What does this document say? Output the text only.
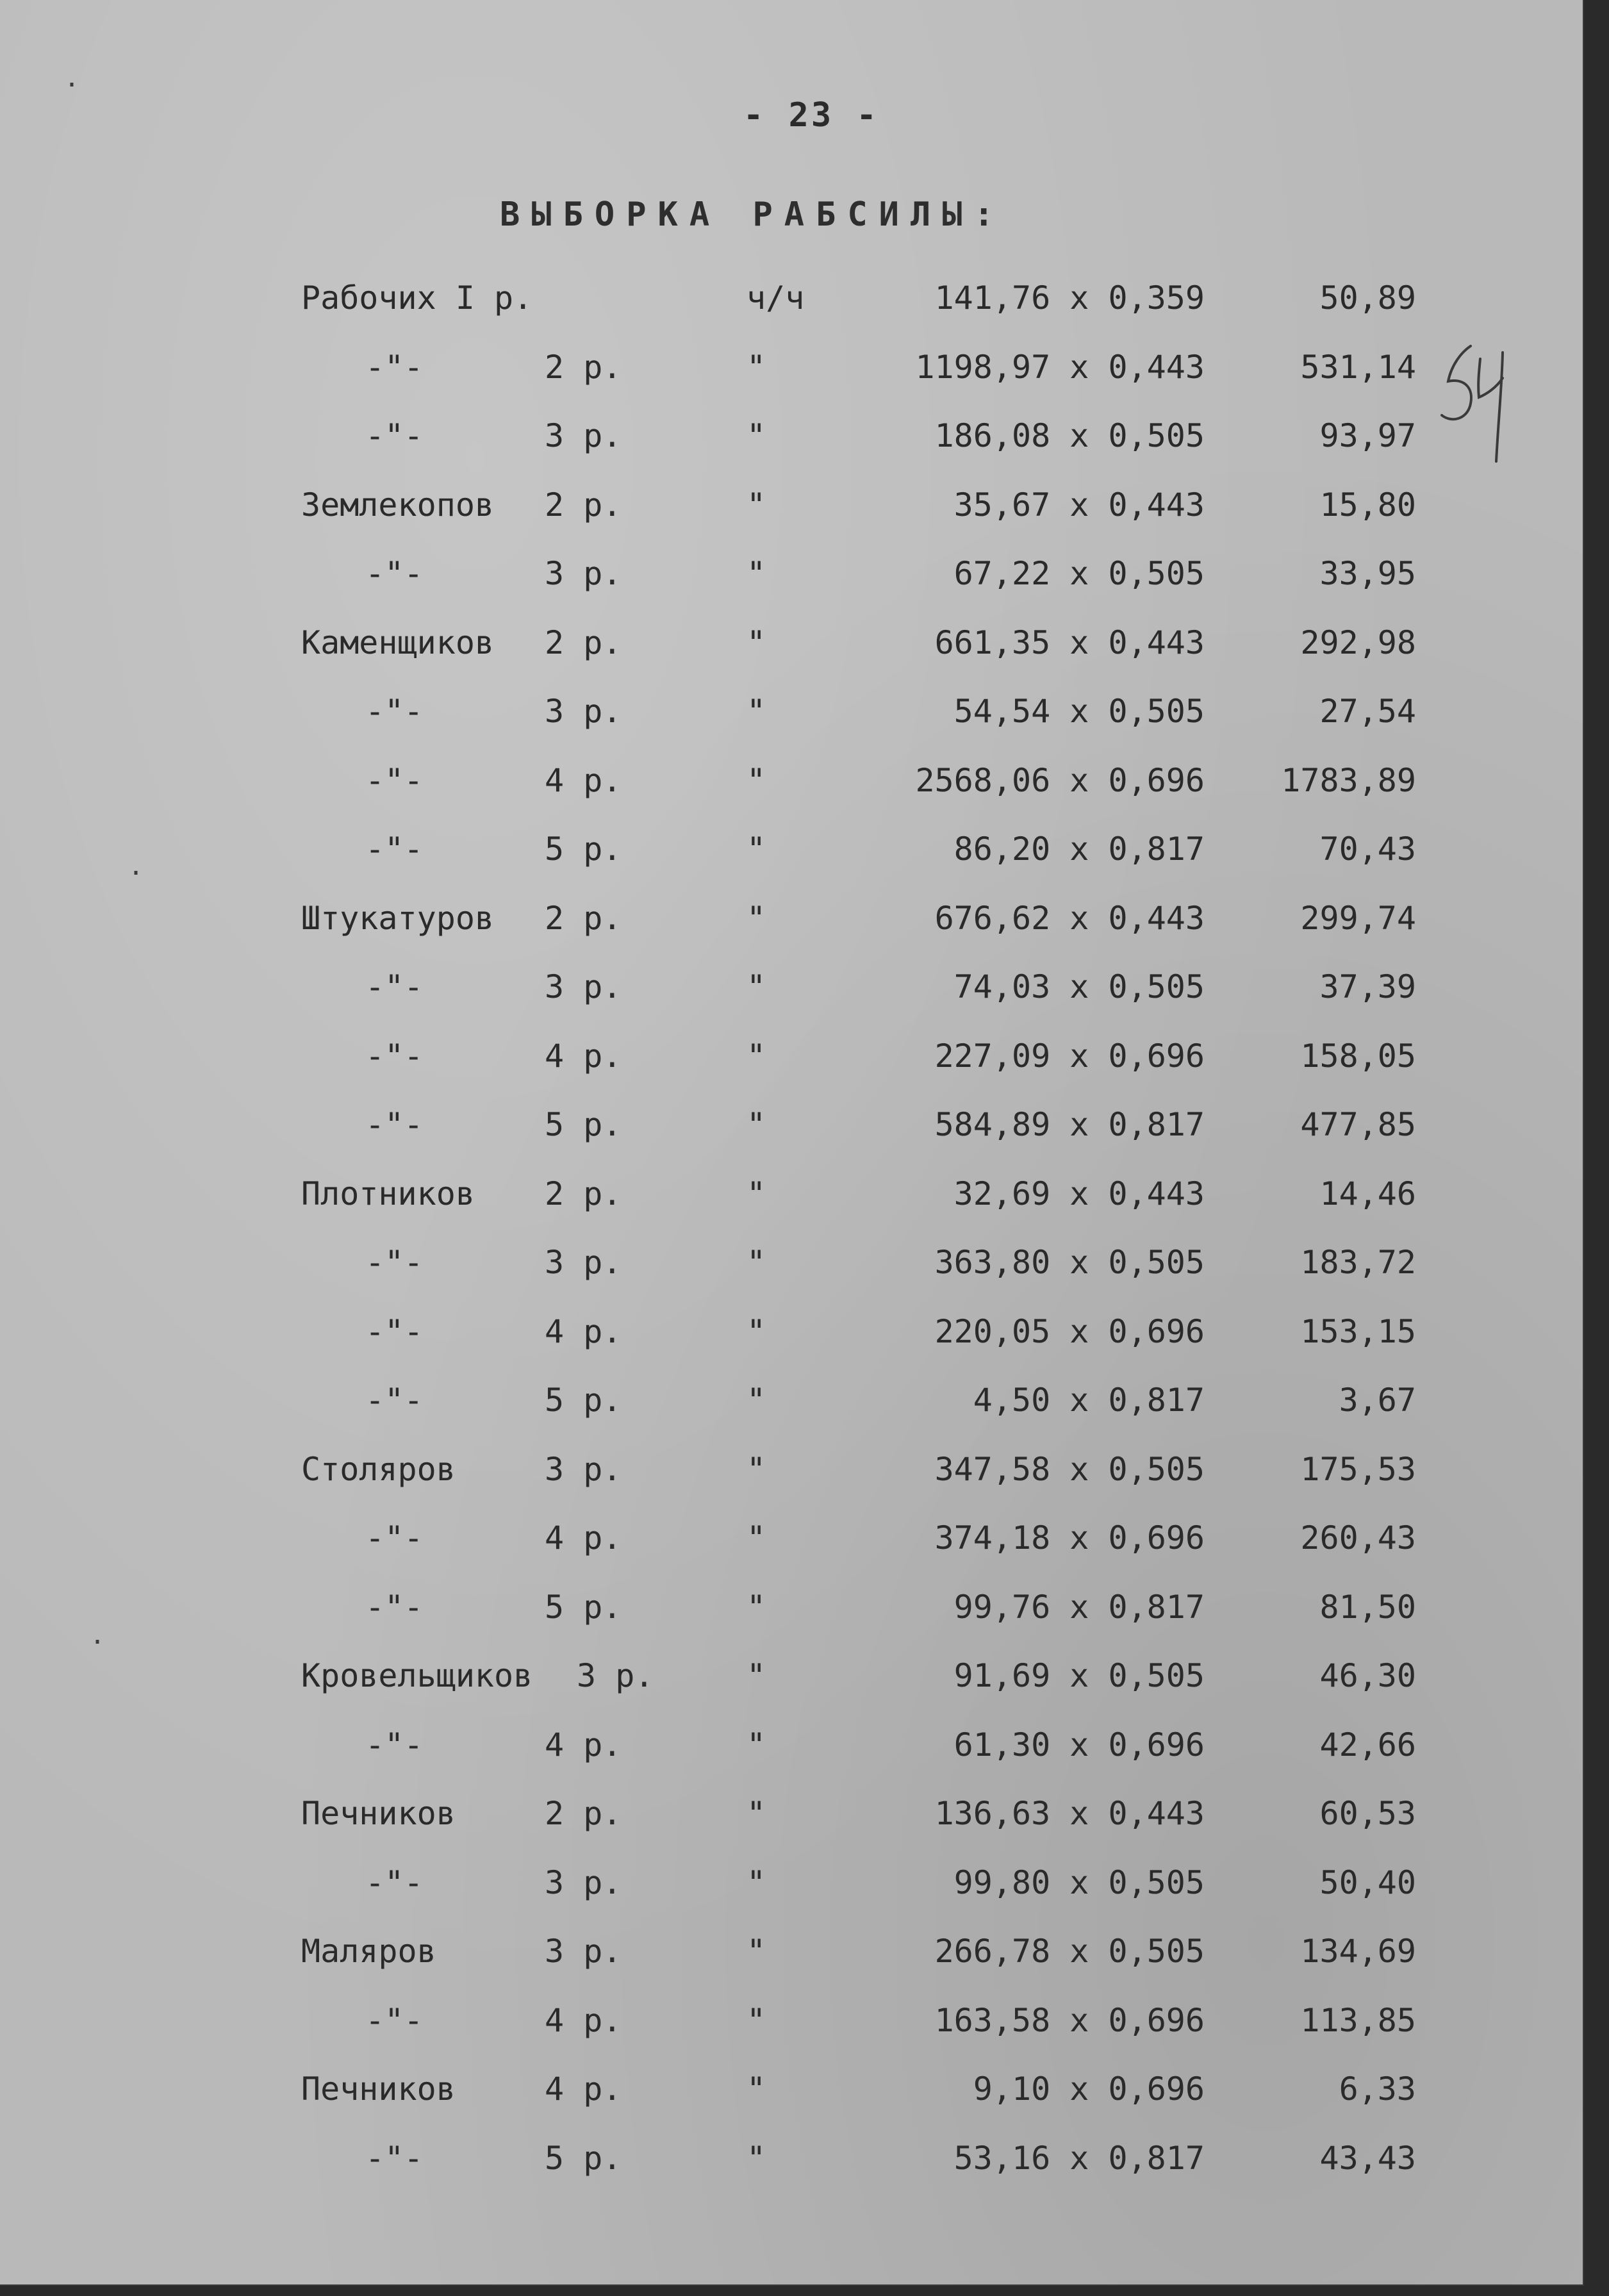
- 23 -
ВЫБОРКА РАБСИЛЫ:
Рабочих I р.	ч/ч	141,76 x 0,359	50,89
-"-	2 р.	"	1198,97 x 0,443	531,14
-"-	3 р.	"	186,08 x 0,505	93,97
Землекопов 2 р.	"	35,67 x 0,443	15,80
-"-	3 р.	"	67,22 x 0,505	33,95
Каменщиков 2 р.	"	661,35 x 0,443	292,98
-"-	3 р.	"	54,54 x 0,505	27,54
-"-	4 р.	"	2568,06 x 0,696	1783,89
-"-	5 р.	"	86,20 x 0,817	70,43
Штукатуров 2 р.	"	676,62 x 0,443	299,74
-"-	3 р.	"	74,03 x 0,505	37,39
-"-	4 р.	"	227,09 x 0,696	158,05
-"-	5 р.	"	584,89 x 0,817	477,85
Плотников 2 р.	"	32,69 x 0,443	14,46
-"-	3 р.	"	363,80 x 0,505	183,72
-"-	4 р.	"	220,05 x 0,696	153,15
-"-	5 р.	"	4,50 x 0,817	3,67
Столяров	3 р.	"	347,58 x 0,505	175,53
-"-	4 р.	"	374,18 x 0,696	260,43
-"-	5 р.	"	99,76 x 0,817	81,50
Кровельщиков 3 р.	"	91,69 x 0,505	46,30
-"-	4 р.	"	61,30 x 0,696	42,66
Печников	2 р.	"	136,63 x 0,443	60,53
-"-	3 р.	"	99,80 x 0,505	50,40
Маляров	3 р.	"	266,78 x 0,505	134,69
-"-	4 р.	"	163,58 x 0,696	113,85
Печников	4 р.	"	9,10 x 0,696	6,33
-"-	5 р.	"	53,16 x 0,817	43,43
·
·
·
